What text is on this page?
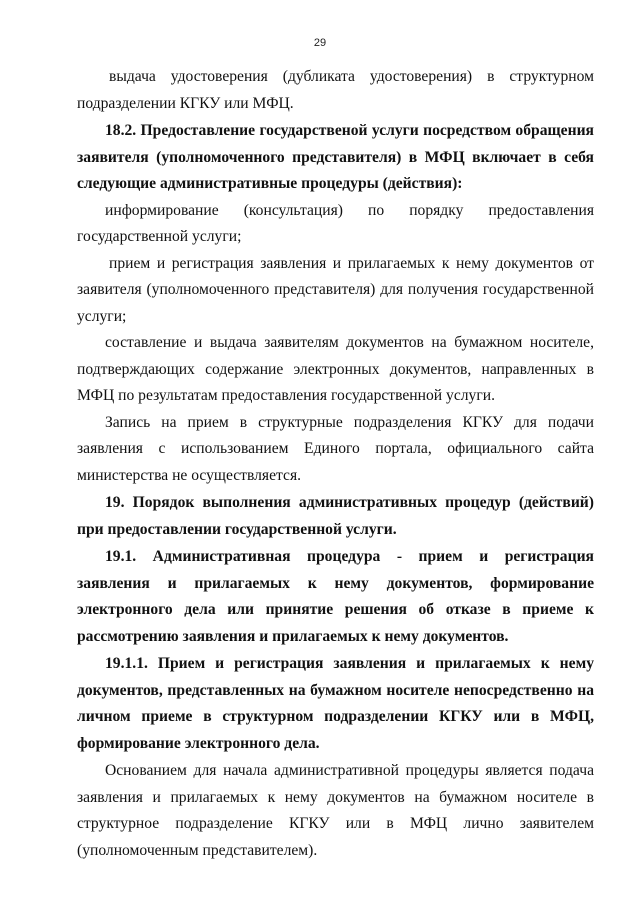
29

выдача удостоверения (дубликата удостоверения) в структурном подразделении КГКУ или МФЦ.

18.2. Предоставление государственой услуги посредством обращения заявителя (уполномоченного представителя) в МФЦ включает в себя следующие административные процедуры (действия):

информирование (консультация) по порядку предоставления государственной услуги;

прием и регистрация заявления и прилагаемых к нему документов от заявителя (уполномоченного представителя) для получения государственной услуги;

составление и выдача заявителям документов на бумажном носителе, подтверждающих содержание электронных документов, направленных в МФЦ по результатам предоставления государственной услуги.

Запись на прием в структурные подразделения КГКУ для подачи заявления с использованием Единого портала, официального сайта министерства не осуществляется.

19. Порядок выполнения административных процедур (действий) при предоставлении государственной услуги.

19.1. Административная процедура - прием и регистрация заявления и прилагаемых к нему документов, формирование электронного дела или принятие решения об отказе в приеме к рассмотрению заявления и прилагаемых к нему документов.

19.1.1. Прием и регистрация заявления и прилагаемых к нему документов, представленных на бумажном носителе непосредственно на личном приеме в структурном подразделении КГКУ или в МФЦ, формирование электронного дела.

Основанием для начала административной процедуры является подача заявления и прилагаемых к нему документов на бумажном носителе в структурное подразделение КГКУ или в МФЦ лично заявителем (уполномоченным представителем).
